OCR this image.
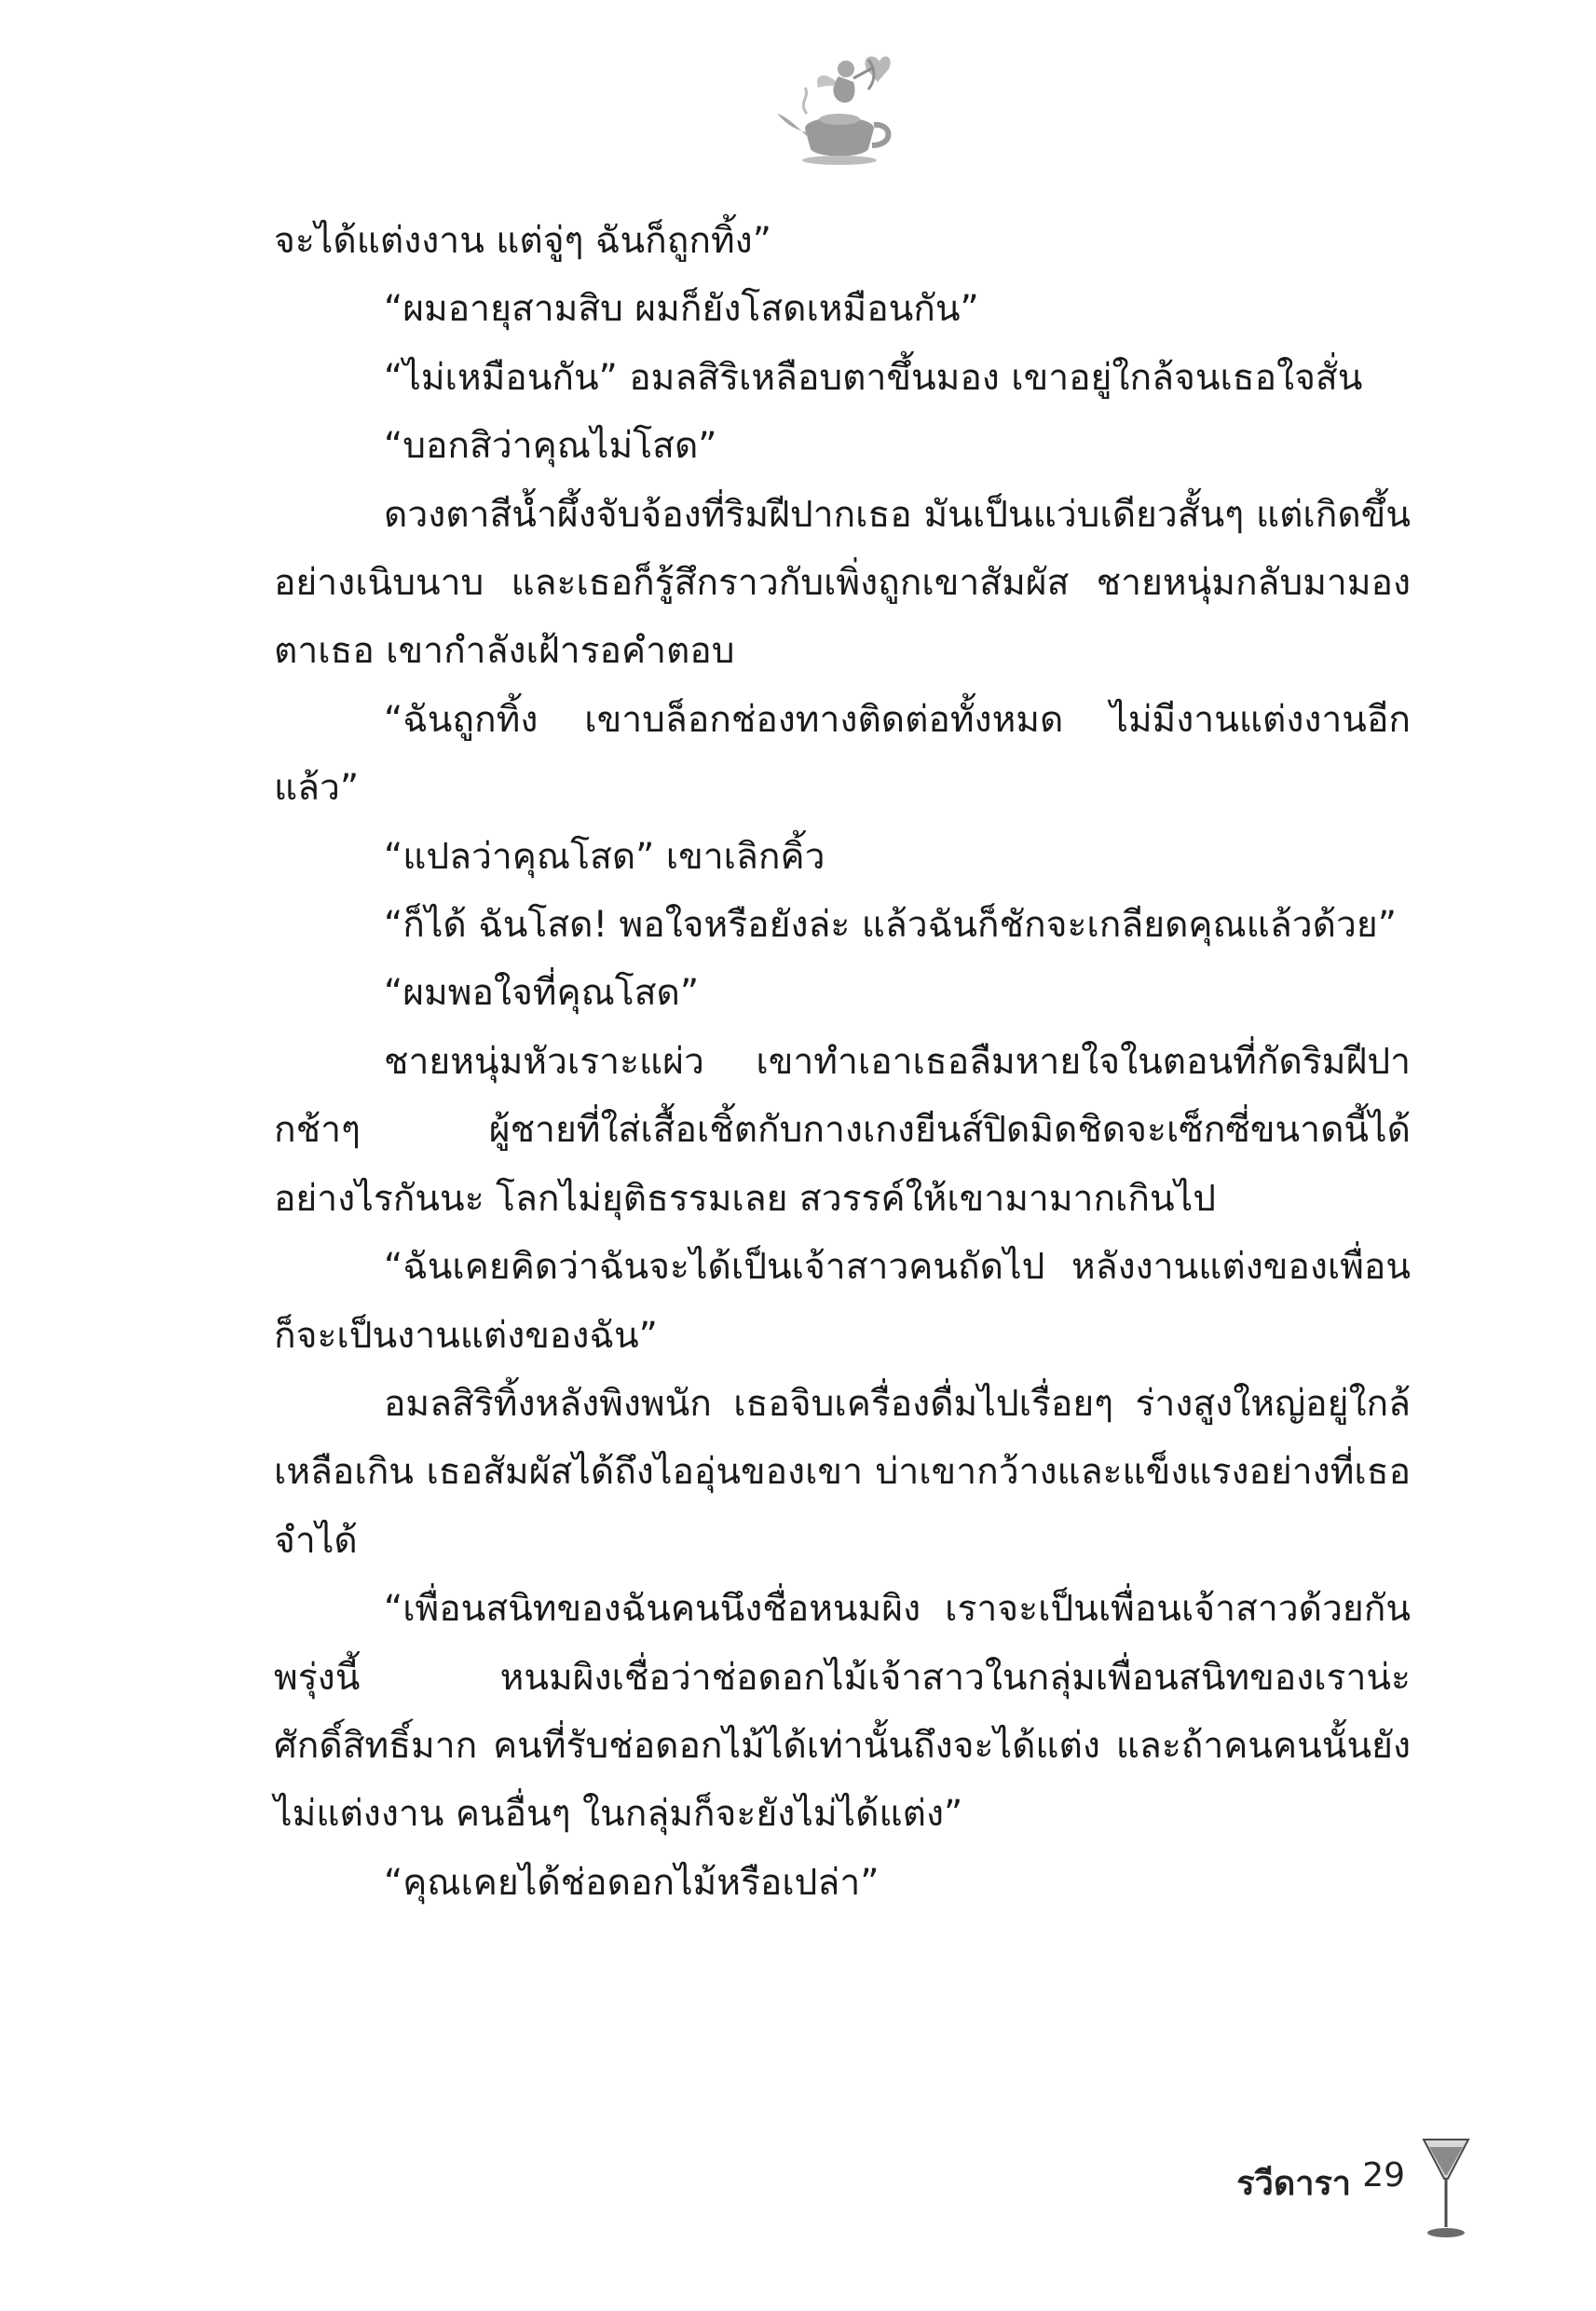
จะได้แต่งงาน แต่จู่ๆ ฉันก็ถูกทิ้ง”

“ผมอายุสามสิบ ผมก็ยังโสดเหมือนกัน”

“ไม่เหมือนกัน” อมลสิริเหลือบตาขึ้นมอง เขาอยู่ใกล้จนเธอใจสั่น

“บอกสิว่าคุณไม่โสด”

ดวงตาสีน้ำผึ้งจับจ้องที่ริมฝีปากเธอ มันเป็นแว่บเดียวสั้นๆ แต่เกิดขึ้นอย่างเนิบนาบ และเธอก็รู้สึกราวกับเพิ่งถูกเขาสัมผัส ชายหนุ่มกลับมามองตาเธอ เขากำลังเฝ้ารอคำตอบ

“ฉันถูกทิ้ง เขาบล็อกช่องทางติดต่อทั้งหมด ไม่มีงานแต่งงานอีกแล้ว”

“แปลว่าคุณโสด” เขาเลิกคิ้ว

“ก็ได้ ฉันโสด! พอใจหรือยังล่ะ แล้วฉันก็ชักจะเกลียดคุณแล้วด้วย”

“ผมพอใจที่คุณโสด”

ชายหนุ่มหัวเราะแผ่ว เขาทำเอาเธอลืมหายใจในตอนที่กัดริมฝีปากช้าๆ ผู้ชายที่ใส่เสื้อเชิ้ตกับกางเกงยีนส์ปิดมิดชิดจะเซ็กซี่ขนาดนี้ได้อย่างไรกันนะ โลกไม่ยุติธรรมเลย สวรรค์ให้เขามามากเกินไป

“ฉันเคยคิดว่าฉันจะได้เป็นเจ้าสาวคนถัดไป หลังงานแต่งของเพื่อนก็จะเป็นงานแต่งของฉัน”

อมลสิริทิ้งหลังพิงพนัก เธอจิบเครื่องดื่มไปเรื่อยๆ ร่างสูงใหญ่อยู่ใกล้เหลือเกิน เธอสัมผัสได้ถึงไออุ่นของเขา บ่าเขากว้างและแข็งแรงอย่างที่เธอจำได้

“เพื่อนสนิทของฉันคนนึงชื่อหนมผิง เราจะเป็นเพื่อนเจ้าสาวด้วยกันพรุ่งนี้ หนมผิงเชื่อว่าช่อดอกไม้เจ้าสาวในกลุ่มเพื่อนสนิทของเราน่ะศักดิ์สิทธิ์มาก คนที่รับช่อดอกไม้ได้เท่านั้นถึงจะได้แต่ง และถ้าคนคนนั้นยังไม่แต่งงาน คนอื่นๆ ในกลุ่มก็จะยังไม่ได้แต่ง”

“คุณเคยได้ช่อดอกไม้หรือเปล่า”

รวีดารา 29
